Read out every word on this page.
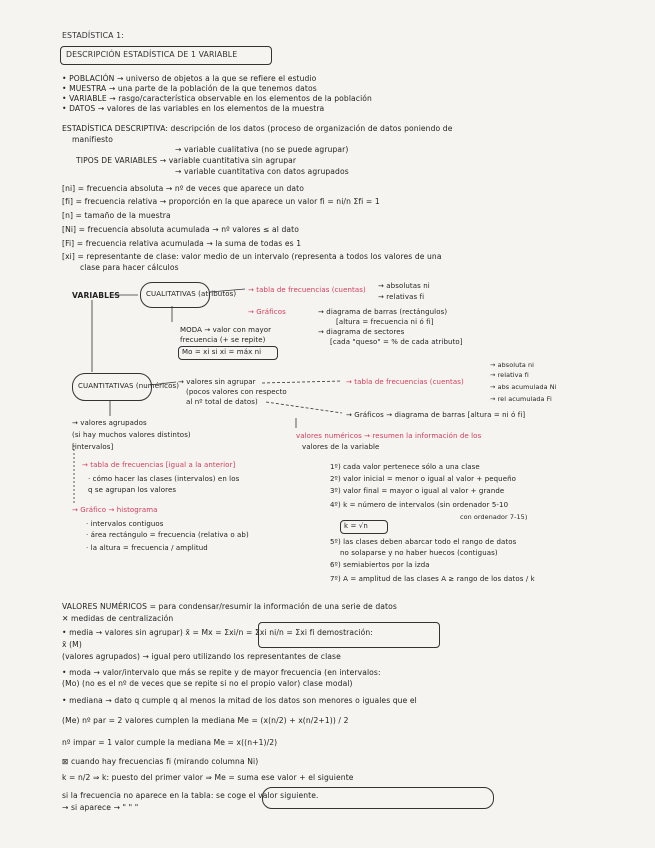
ESTADÍSTICA 1:
DESCRIPCIÓN ESTADÍSTICA DE 1 VARIABLE
• POBLACIÓN → universo de objetos a la que se refiere el estudio
• MUESTRA → una parte de la población de la que tenemos datos
• VARIABLE → rasgo/característica observable en los elementos de la población
• DATOS → valores de las variables en los elementos de la muestra
ESTADÍSTICA DESCRIPTIVA: descripción de los datos (proceso de organización de datos poniendo de
manifiesto
→ variable cualitativa (no se puede agrupar)
TIPOS DE VARIABLES → variable cuantitativa sin agrupar
→ variable cuantitativa con datos agrupados
[ni] = frecuencia absoluta → nº de veces que aparece un dato
[fi] = frecuencia relativa → proporción en la que aparece un valor fi = ni/n Σfi = 1
[n] = tamaño de la muestra
[Ni] = frecuencia absoluta acumulada → nº valores ≤ al dato
[Fi] = frecuencia relativa acumulada → la suma de todas es 1
[xi] = representante de clase: valor medio de un intervalo (representa a todos los valores de una
clase para hacer cálculos
VARIABLES	CUALITATIVAS (atributos) → tabla de frecuencias (cuentas) → absolutas ni
→ relativas fi
→ Gráficos	→ diagrama de barras (rectángulos)
[altura = frecuencia ni ó fi]
→ diagrama de sectores
[cada "queso" = % de cada atributo]
MODA → valor con mayor
frecuencia (+ se repite)
Mo = xi si xi = máx ni
CUANTITATIVAS (numéricos)
→ valores sin agrupar
(pocos valores con respecto
al nº total de datos)
→ tabla de frecuencias (cuentas)
→ absoluta ni
→ relativa fi
→ abs acumulada Ni
→ rel acumulada Fi
→ Gráficos → diagrama de barras [altura = ni ó fi]
valores numéricos → resumen la información de los
valores de la variable
→ valores agrupados
(si hay muchos valores distintos)
[intervalos]
→ tabla de frecuencias [igual a la anterior]
· cómo hacer las clases (intervalos) en los
q se agrupan los valores
→ Gráfico → histograma
· intervalos contiguos
· área rectángulo = frecuencia (relativa o ab)
· la altura = frecuencia / amplitud
1º) cada valor pertenece sólo a una clase
2º) valor inicial = menor o igual al valor + pequeño
3º) valor final = mayor o igual al valor + grande
4º) k = número de intervalos (sin ordenador 5-10
con ordenador 7-15)
k = √n
5º) las clases deben abarcar todo el rango de datos
no solaparse y no haber huecos (contiguas)
6º) semiabiertos por la izda
7º) A = amplitud de las clases A ≥ rango de los datos / k
VALORES NUMÉRICOS = para condensar/resumir la información de una serie de datos
✕ medidas de centralización
• media → valores sin agrupar) x̄ = Mx = Σxi/n = Σxi ni/n = Σxi fi demostración:
x̄ (M)
(valores agrupados) → igual pero utilizando los representantes de clase
• moda → valor/intervalo que más se repite y de mayor frecuencia (en intervalos:
(Mo) (no es el nº de veces que se repite si no el propio valor) clase modal)
• mediana → dato q cumple q al menos la mitad de los datos son menores o iguales que el
(Me) nº par = 2 valores cumplen la mediana Me = (x(n/2) + x(n/2+1)) / 2
nº impar = 1 valor cumple la mediana Me = x((n+1)/2)
⊠ cuando hay frecuencias fi (mirando columna Ni)
k = n/2 ⇒ k: puesto del primer valor ⇒ Me = suma ese valor + el siguiente
si la frecuencia no aparece en la tabla: se coge el valor siguiente.
→ si aparece → " " "
